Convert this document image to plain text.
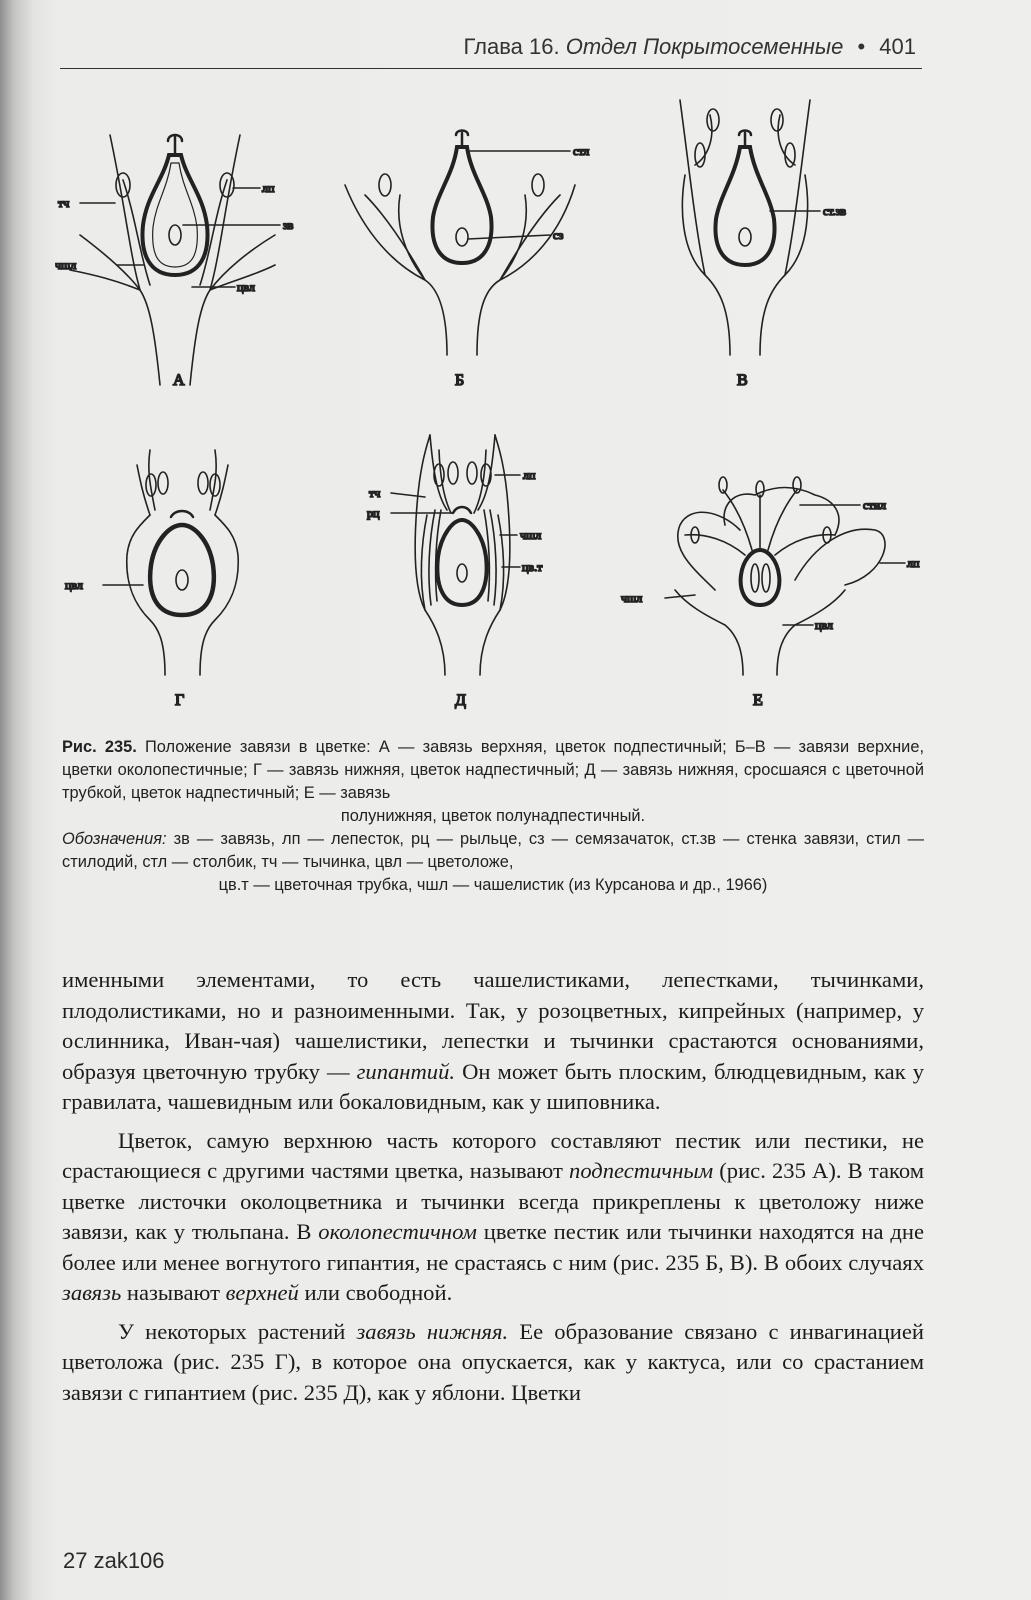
Глава 16. Отдел Покрытосеменные • 401
тч
лп
зв
чшл
цвл
А
стл
сз
Б
ст.зв
В
цвл
Г
тч
рц
лп
чшл
цв.т
Д
стил
лп
чшл
цвл
Е

Рис. 235. Положение завязи в цветке: А — завязь верхняя, цветок подпестичный; Б–В — завязи верхние, цветки околопестичные; Г — завязь нижняя, цветок надпестичный; Д — завязь нижняя, сросшаяся с цветочной трубкой, цветок надпестичный; Е — завязь

полунижняя, цветок полунадпестичный.

Обозначения: зв — завязь, лп — лепесток, рц — рыльце, сз — семязачаток, ст.зв — стенка завязи, стил — стилодий, стл — столбик, тч — тычинка, цвл — цветоложе,

цв.т — цветочная трубка, чшл — чашелистик (из Курсанова и др., 1966)

именными элементами, то есть чашелистиками, лепестками, тычинками, плодолистиками, но и разноименными. Так, у розоцветных, кипрейных (например, у ослинника, Иван-чая) чашелистики, лепестки и тычинки срастаются основаниями, образуя цветочную трубку — гипантий. Он может быть плоским, блюдцевидным, как у гравилата, чашевидным или бокаловидным, как у шиповника.

Цветок, самую верхнюю часть которого составляют пестик или пестики, не срастающиеся с другими частями цветка, называют подпестичным (рис. 235 А). В таком цветке листочки околоцветника и тычинки всегда прикреплены к цветоложу ниже завязи, как у тюльпана. В околопестичном цветке пестик или тычинки находятся на дне более или менее вогнутого гипантия, не срастаясь с ним (рис. 235 Б, В). В обоих случаях завязь называют верхней или свободной.

У некоторых растений завязь нижняя. Ее образование связано с инвагинацией цветоложа (рис. 235 Г), в которое она опускается, как у кактуса, или со срастанием завязи с гипантием (рис. 235 Д), как у яблони. Цветки

27 zak106
